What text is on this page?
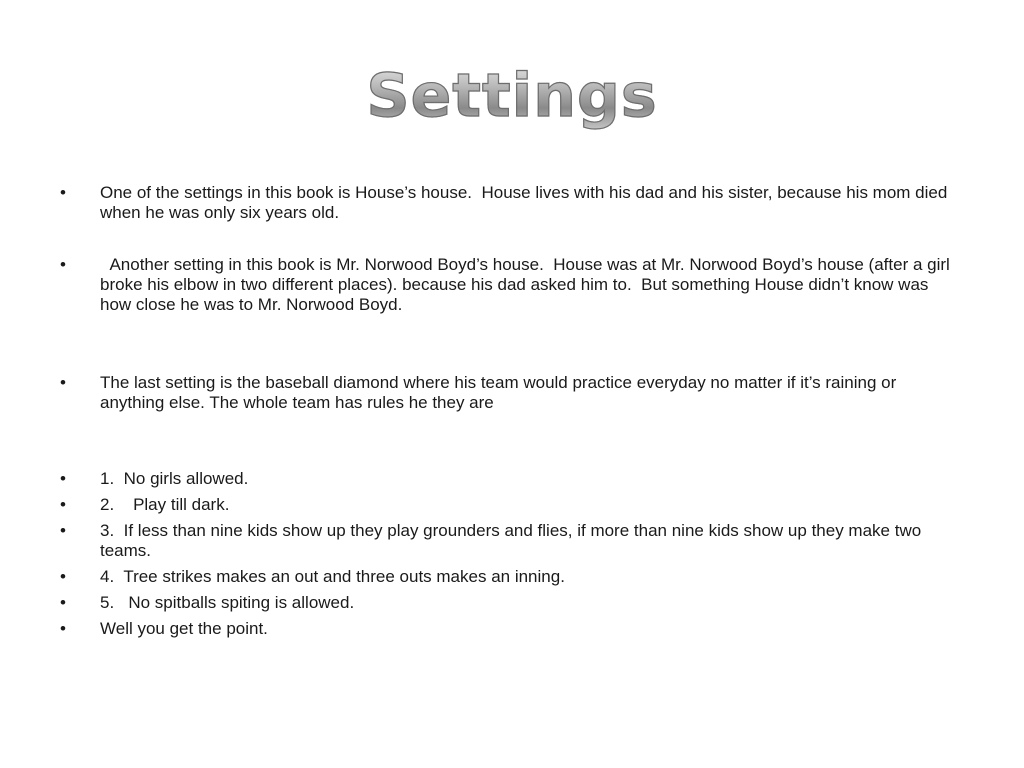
Settings
•	One of the settings in this book is House’s house.  House lives with his dad and his sister, because his mom died when he was only six years old.
•	Another setting in this book is Mr. Norwood Boyd’s house.  House was at Mr. Norwood Boyd’s house (after a girl broke his elbow in two different places). because his dad asked him to.  But something House didn’t know was how close he was to Mr. Norwood Boyd.
•	The last setting is the baseball diamond where his team would practice everyday no matter if it’s raining or anything else. The whole team has rules he they are
•	1.  No girls allowed.
•	2.    Play till dark.
•	3.  If less than nine kids show up they play grounders and flies, if more than nine kids show up they make two teams.
•	4.  Tree strikes makes an out and three outs makes an inning.
•	5.   No spitballs spiting is allowed.
•	Well you get the point.
